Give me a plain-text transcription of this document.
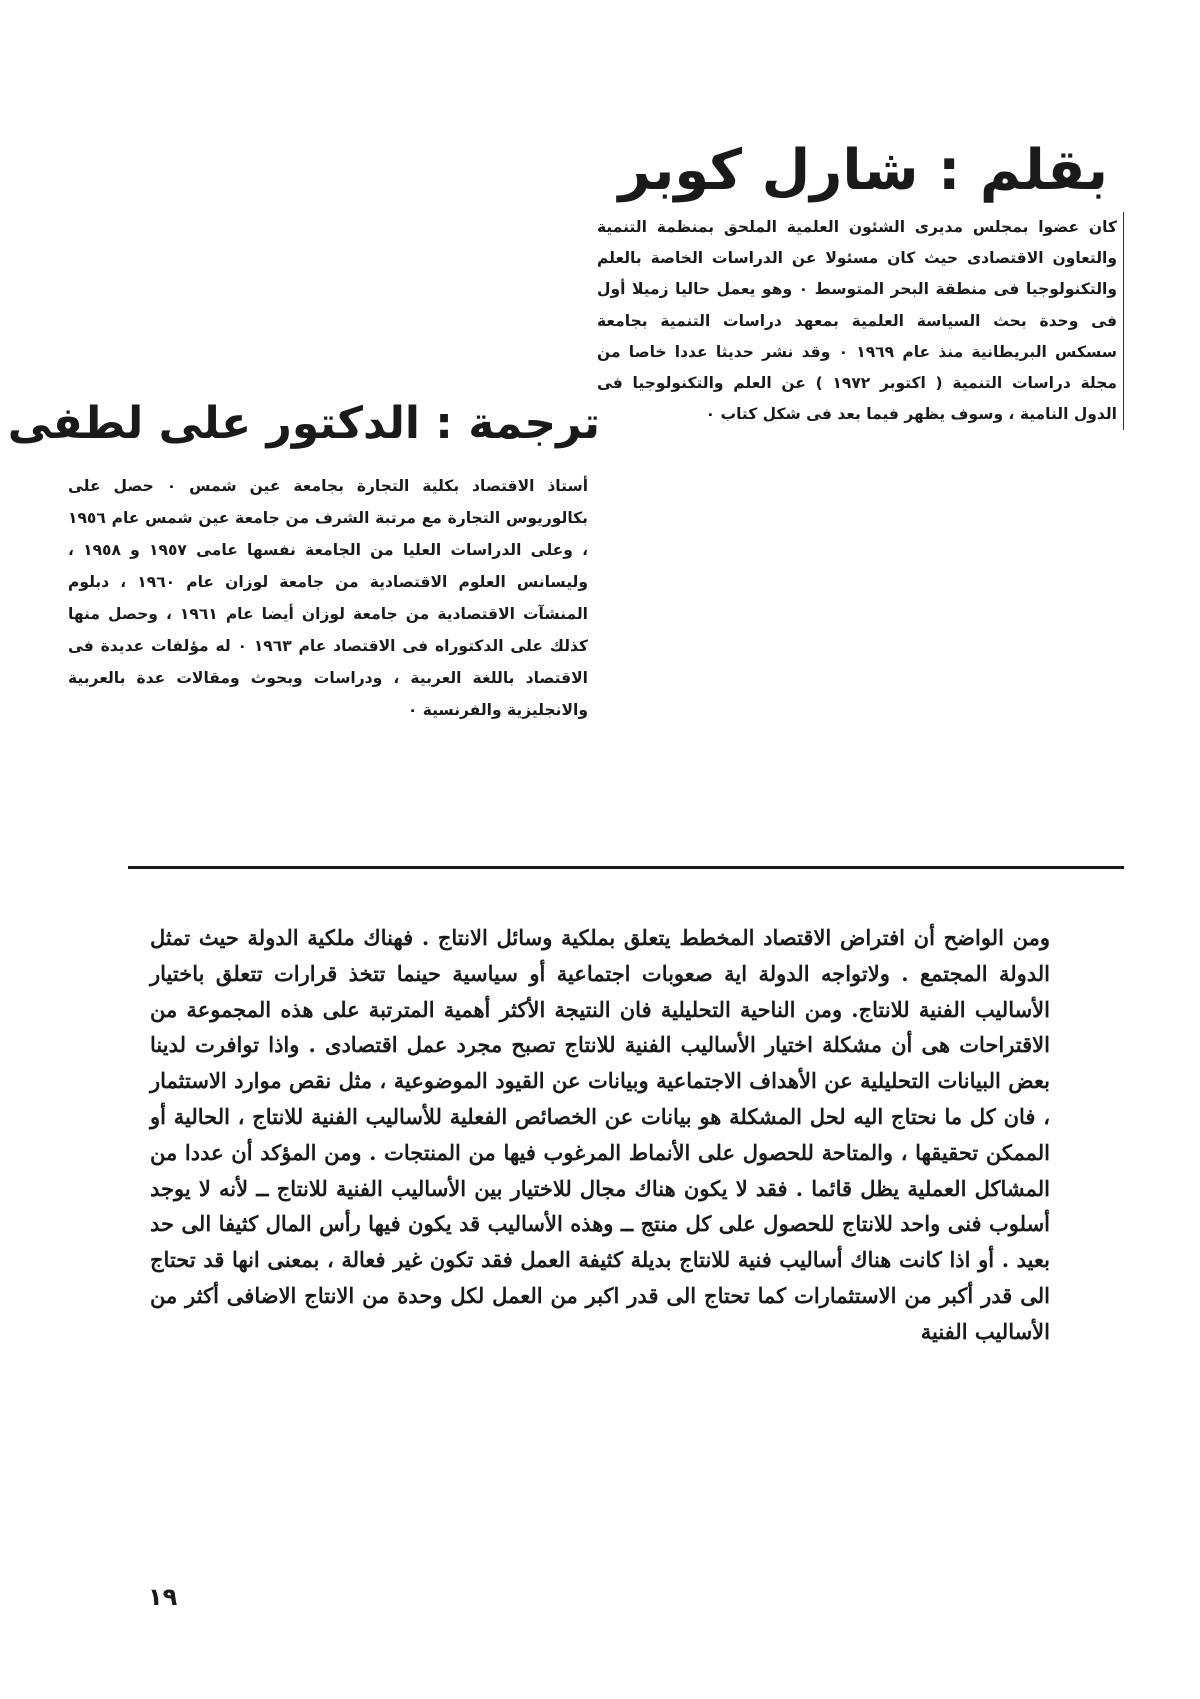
بقلم : شارل كوبر
كان عضوا بمجلس مديرى الشئون العلمية الملحق بمنظمة التنمية والتعاون الاقتصادى حيث كان مسئولا عن الدراسات الخاصة بالعلم والتكنولوجيا فى منطقة البحر المتوسط ٠ وهو يعمل حاليا زميلا أول فى وحدة بحث السياسة العلمية بمعهد دراسات التنمية بجامعة سسكس البريطانية منذ عام ١٩٦٩ ٠ وقد نشر حديثا عددا خاصا من مجلة دراسات التنمية ( اكتوبر ١٩٧٢ ) عن العلم والتكنولوجيا فى الدول النامية ، وسوف يظهر فيما بعد فى شكل كتاب ٠
ترجمة : الدكتور على لطفى
أستاذ الاقتصاد بكلية التجارة بجامعة عين شمس ٠ حصل على بكالوريوس التجارة مع مرتبة الشرف من جامعة عين شمس عام ١٩٥٦ ، وعلى الدراسات العليا من الجامعة نفسها عامى ١٩٥٧ و ١٩٥٨ ، وليسانس العلوم الاقتصادية من جامعة لوزان عام ١٩٦٠ ، دبلوم المنشآت الاقتصادية من جامعة لوزان أيضا عام ١٩٦١ ، وحصل منها كذلك على الدكتوراه فى الاقتصاد عام ١٩٦٣ ٠ له مؤلفات عديدة فى الاقتصاد باللغة العربية ، ودراسات وبحوث ومقالات عدة بالعربية والانجليزية والفرنسية ٠
ومن الواضح أن افتراض الاقتصاد المخطط يتعلق بملكية وسائل الانتاج . فهناك ملكية الدولة حيث تمثل الدولة المجتمع . ولاتواجه الدولة اية صعوبات اجتماعية أو سياسية حينما تتخذ قرارات تتعلق باختيار الأساليب الفنية للانتاج. ومن الناحية التحليلية فان النتيجة الأكثر أهمية المترتبة على هذه المجموعة من الاقتراحات هى أن مشكلة اختيار الأساليب الفنية للانتاج تصبح مجرد عمل اقتصادى . واذا توافرت لدينا بعض البيانات التحليلية عن الأهداف الاجتماعية وبيانات عن القيود الموضوعية ، مثل نقص موارد الاستثمار ، فان كل ما نحتاج اليه لحل المشكلة هو بيانات عن الخصائص الفعلية للأساليب الفنية للانتاج ، الحالية أو الممكن تحقيقها ، والمتاحة للحصول على الأنماط المرغوب فيها من المنتجات . ومن المؤكد أن عددا من المشاكل العملية يظل قائما . فقد لا يكون هناك مجال للاختيار بين الأساليب الفنية للانتاج ــ لأنه لا يوجد أسلوب فنى واحد للانتاج للحصول على كل منتج ــ وهذه الأساليب قد يكون فيها رأس المال كثيفا الى حد بعيد . أو اذا كانت هناك أساليب فنية للانتاج بديلة كثيفة العمل فقد تكون غير فعالة ، بمعنى انها قد تحتاج الى قدر أكبر من الاستثمارات كما تحتاج الى قدر اكبر من العمل لكل وحدة من الانتاج الاضافى أكثر من الأساليب الفنية
١٩
